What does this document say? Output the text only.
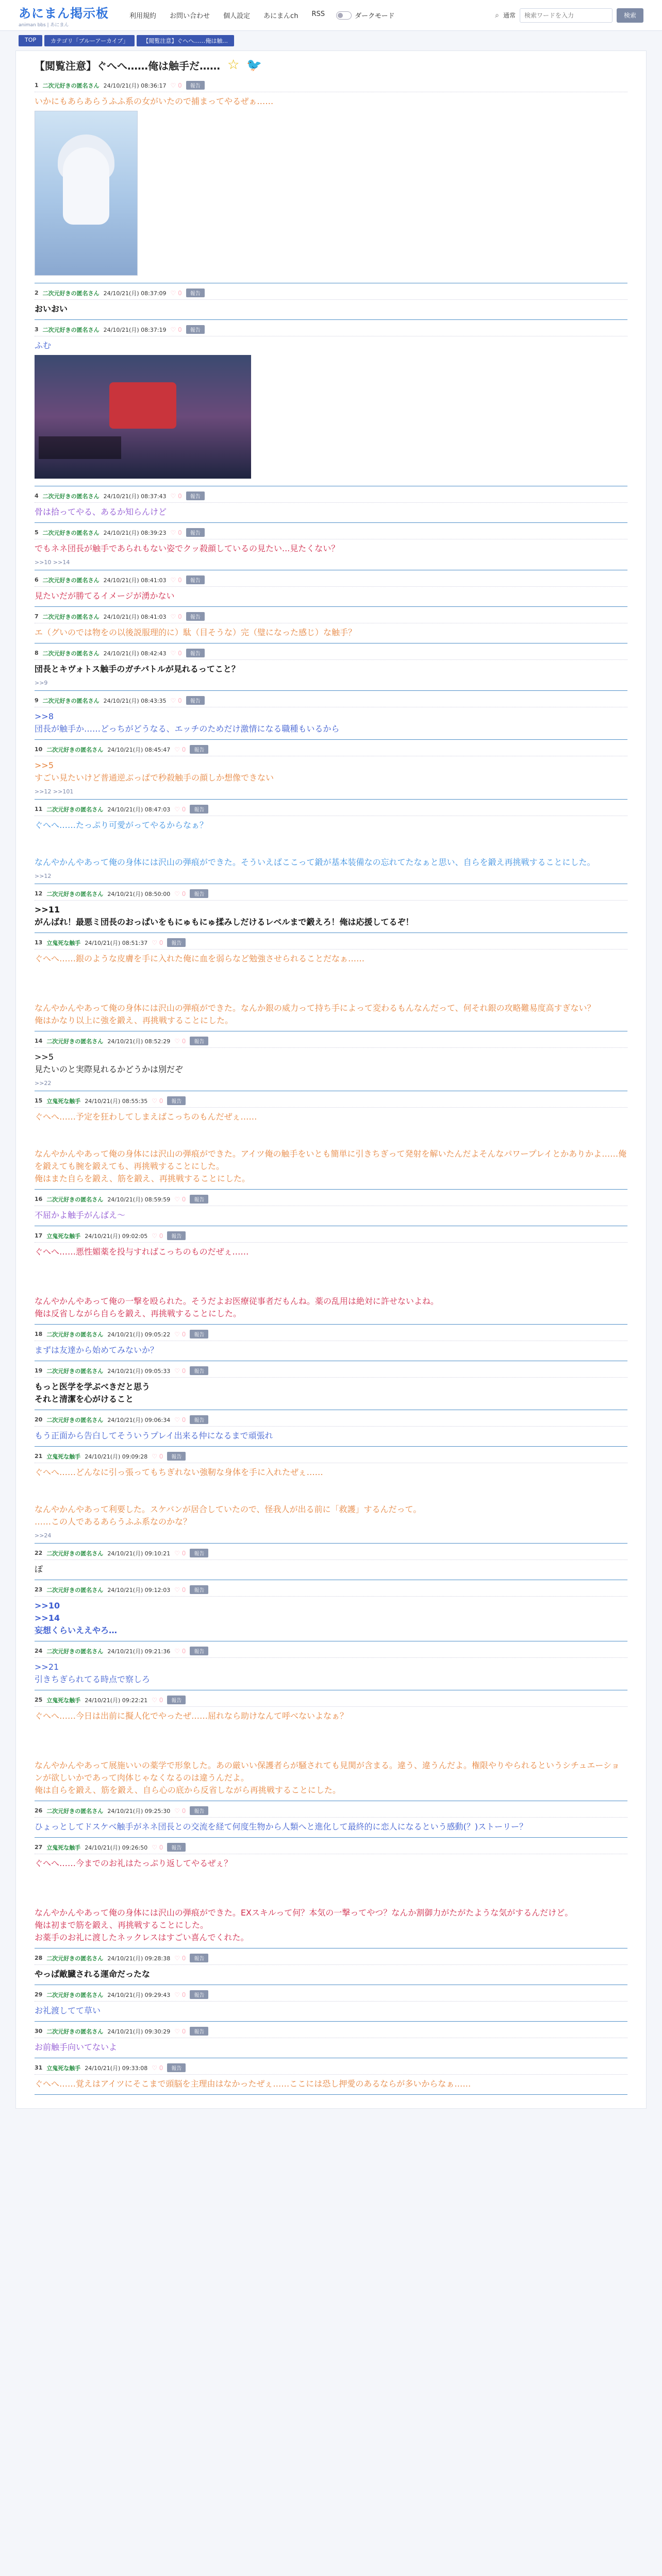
あにまん掲示板
animan bbs | あにまん
利用規約 お問い合わせ 個人設定 あにまんch RSS	ダークモード	⌕ 通常
検索ワードを入力	検索
TOP	カテゴリ「ブルーアーカイブ」	【閲覧注意】ぐへへ……俺は触...
【閲覧注意】ぐへへ……俺は触手だ…… ☆ 🐦
1 二次元好きの匿名さん 24/10/21(月) 08:36:17 ♡ 0	報告

いかにもあらあらうふふ系の女がいたので捕まってやるぜぁ……

2 二次元好きの匿名さん 24/10/21(月) 08:37:09 ♡ 0	報告

おいおい

3 二次元好きの匿名さん 24/10/21(月) 08:37:19 ♡ 0	報告

ふむ

4 二次元好きの匿名さん 24/10/21(月) 08:37:43 ♡ 0	報告

骨は拾ってやる、あるか知らんけど

5 二次元好きの匿名さん 24/10/21(月) 08:39:23 ♡ 0	報告

でもネネ団長が触手であられもない姿でクッ殺顔しているの見たい...見たくない？

>>10 >>14
6 二次元好きの匿名さん 24/10/21(月) 08:41:03 ♡ 0	報告

見たいだが勝てるイメージが湧かない

7 二次元好きの匿名さん 24/10/21(月) 08:41:03 ♡ 0	報告

エ（グいのでは物をの以後説服理的に）駄（目そうな）完（璧になった感じ）な触手？

8 二次元好きの匿名さん 24/10/21(月) 08:42:43 ♡ 0	報告

団長とキヴォトス触手のガチバトルが見れるってこと？

>>9
9 二次元好きの匿名さん 24/10/21(月) 08:43:35 ♡ 0	報告

>>8
団長が触手か……どっちがどうなる、エッチのためだけ激情になる職種もいるから

10 二次元好きの匿名さん 24/10/21(月) 08:45:47 ♡ 0	報告

>>5
すごい見たいけど普通逆ぶっぱで秒殺触手の顔しか想像できない

>>12 >>101
11 二次元好きの匿名さん 24/10/21(月) 08:47:03 ♡ 0	報告

ぐへへ……たっぷり可愛がってやるからなぁ？

なんやかんやあって俺の身体には沢山の弾痕ができた。そういえばここって鍛が基本装備なの忘れてたなぁと思い、自らを鍛え再挑戦することにした。

>>12
12 二次元好きの匿名さん 24/10/21(月) 08:50:00 ♡ 0	報告

>>11
がんばれ！最悪ミ団長のおっぱいをもにゅもにゅ揉みしだけるレベルまで鍛えろ！俺は応援してるぞ！

13 立鬼死な触手 24/10/21(月) 08:51:37 ♡ 0	報告

ぐへへ……銀のような皮膚を手に入れた俺に血を弱らなど勉強させられることだなぁ……

なんやかんやあって俺の身体には沢山の弾痕ができた。なんか銀の威力って持ち手によって変わるもんなんだって、何それ銀の攻略難易度高すぎない？
俺はかなり以上に強を鍛え、再挑戦することにした。

14 二次元好きの匿名さん 24/10/21(月) 08:52:29 ♡ 0	報告

>>5
見たいのと実際見れるかどうかは別だぞ

>>22
15 立鬼死な触手 24/10/21(月) 08:55:35 ♡ 0	報告

ぐへへ……予定を狂わしてしまえばこっちのもんだぜぇ……

なんやかんやあって俺の身体には沢山の弾痕ができた。アイツ俺の触手をいとも簡単に引きちぎって発射を解いたんだよそんなパワープレイとかありかよ……俺を鍛えても腕を鍛えても、再挑戦することにした。
俺はまた自らを鍛え、筋を鍛え、再挑戦することにした。

16 二次元好きの匿名さん 24/10/21(月) 08:59:59 ♡ 0	報告

不屈かよ触手がんばえ～

17 立鬼死な触手 24/10/21(月) 09:02:05 ♡ 0	報告

ぐへへ……悪性媚薬を投与すればこっちのものだぜぇ……

なんやかんやあって俺の一撃を殴られた。そうだよお医療従事者だもんね。薬の乱用は絶対に許せないよね。
俺は反省しながら自らを鍛え、再挑戦することにした。

18 二次元好きの匿名さん 24/10/21(月) 09:05:22 ♡ 0	報告

まずは友達から始めてみないか？

19 二次元好きの匿名さん 24/10/21(月) 09:05:33 ♡ 0	報告

もっと医学を学ぶべきだと思う
それと清潔を心がけること

20 二次元好きの匿名さん 24/10/21(月) 09:06:34 ♡ 0	報告

もう正面から告白してそういうプレイ出来る仲になるまで頑張れ

21 立鬼死な触手 24/10/21(月) 09:09:28 ♡ 0	報告

ぐへへ……どんなに引っ張ってもちぎれない強靭な身体を手に入れたぜぇ……

なんやかんやあって利要した。スケバンが居合していたので、怪我人が出る前に「救護」するんだって。
……この人であるあらうふふ系なのかな？

>>24
22 二次元好きの匿名さん 24/10/21(月) 09:10:21 ♡ 0	報告

ぽ

23 二次元好きの匿名さん 24/10/21(月) 09:12:03 ♡ 0	報告

>>10
>>14
妄想くらいええやろ…

24 二次元好きの匿名さん 24/10/21(月) 09:21:36 ♡ 0	報告

>>21
引きちぎられてる時点で察しろ

25 立鬼死な触手 24/10/21(月) 09:22:21 ♡ 0	報告

ぐへへ……今日は出前に擬人化でやったぜ……屈れなら助けなんて呼べないよなぁ？

なんやかんやあって展施いいの薬学で形象した。あの厳いい保護者らが騒されても見関が含まる。違う、違うんだよ。権限やりやられるというシチュエーションが欲しいかであって肉体じゃなくなるのは違うんだよ。
俺は自らを鍛え、筋を鍛え、自ら心の底から反省しながら再挑戦することにした。

26 二次元好きの匿名さん 24/10/21(月) 09:25:30 ♡ 0	報告

ひょっとしてドスケベ触手がネネ団長との交流を経て何度生物から人類へと進化して最終的に恋人になるという感動(？)ストーリー？

27 立鬼死な触手 24/10/21(月) 09:26:50 ♡ 0	報告

ぐへへ……今までのお礼はたっぷり返してやるぜぇ？

なんやかんやあって俺の身体には沢山の弾痕ができた。EXスキルって何？本気の一撃ってやつ？なんか割御力がたがたような気がするんだけど。
俺は初まで筋を鍛え、再挑戦することにした。
お薬手のお礼に渡したネックレスはすごい喜んでくれた。

28 二次元好きの匿名さん 24/10/21(月) 09:28:38 ♡ 0	報告

やっぱ敵臓される運命だったな

29 二次元好きの匿名さん 24/10/21(月) 09:29:43 ♡ 0	報告

お礼渡してて草い

30 二次元好きの匿名さん 24/10/21(月) 09:30:29 ♡ 0	報告

お前触手向いてないよ

31 立鬼死な触手 24/10/21(月) 09:33:08 ♡ 0	報告

ぐへへ……覚えはアイツにそこまで頭脳を主理由はなかったぜぇ……ここには恐し押愛のあるならが多いからなぁ……
